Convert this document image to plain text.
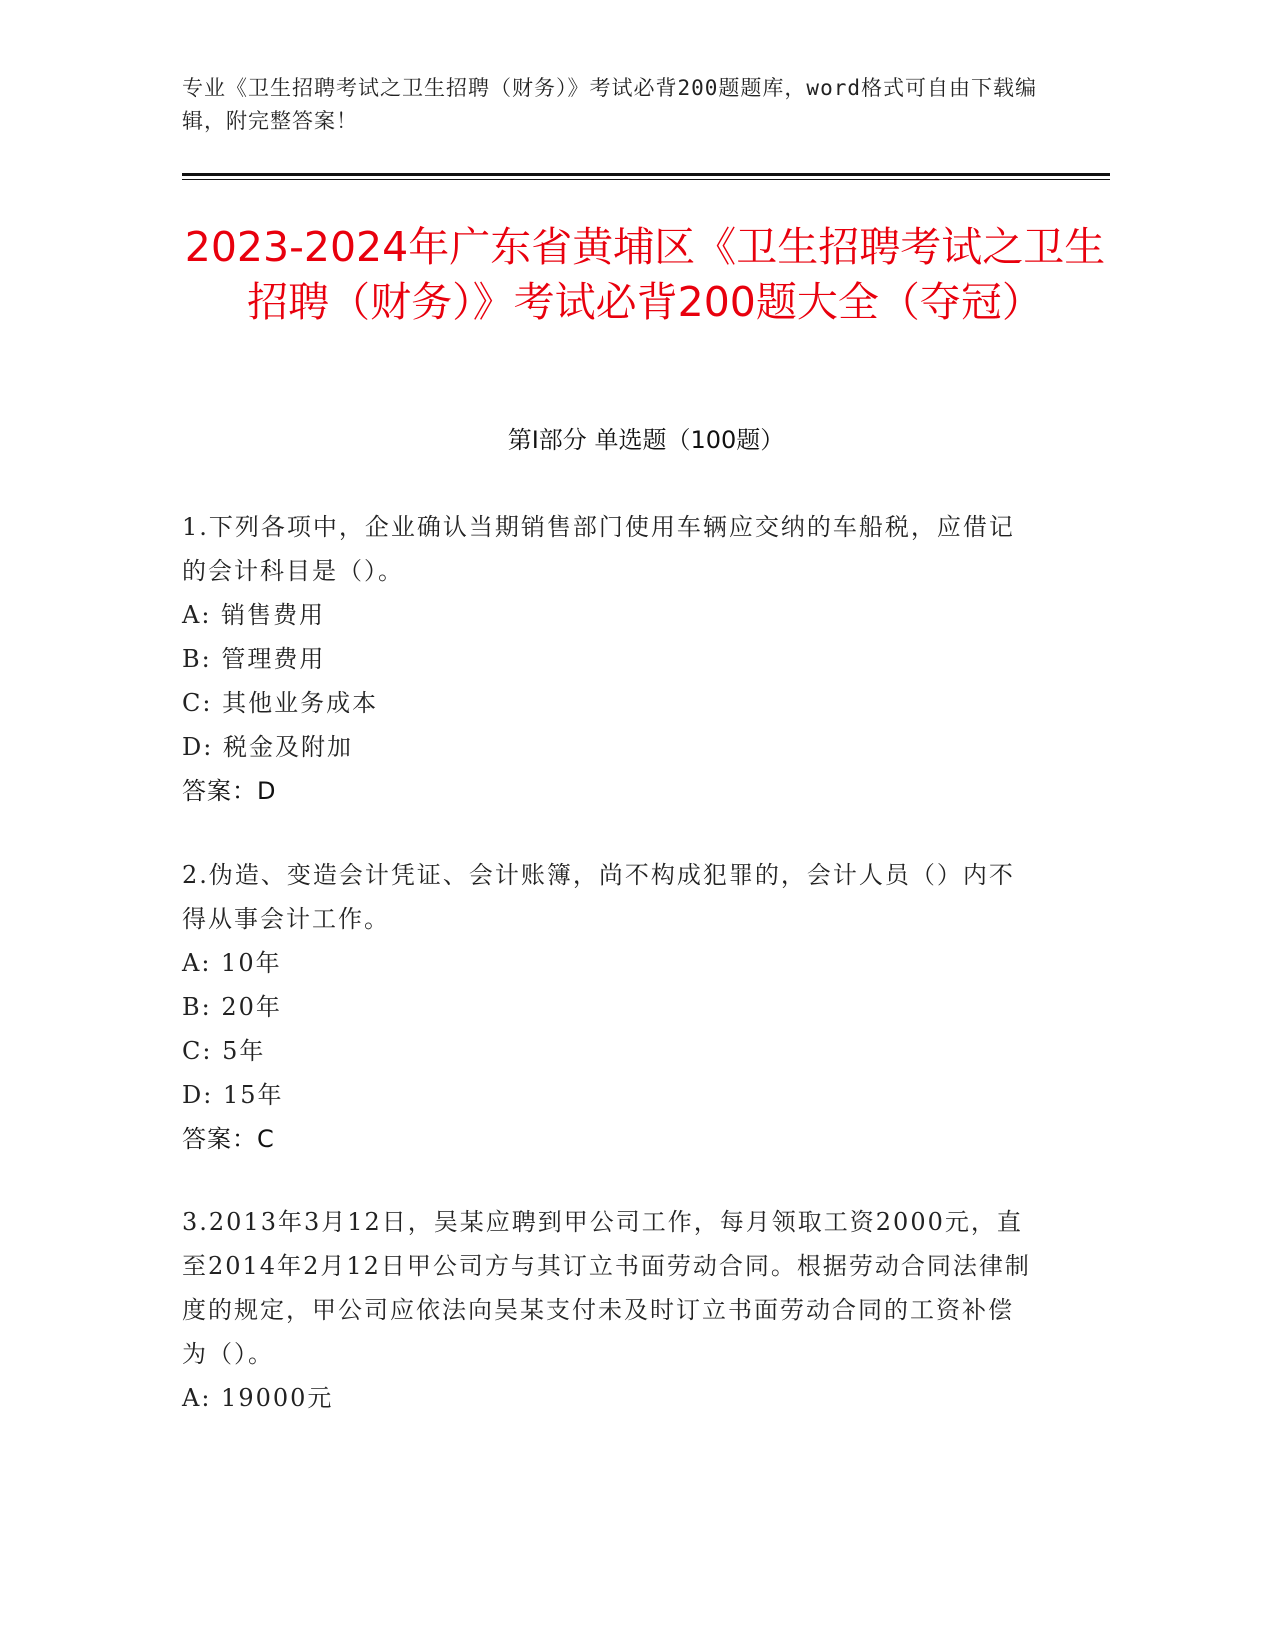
专业《卫生招聘考试之卫生招聘（财务）》考试必背200题题库，word格式可自由下载编辑，附完整答案！
2023-2024年广东省黄埔区《卫生招聘考试之卫生招聘（财务）》考试必背200题大全（夺冠）
第I部分 单选题（100题）
1.下列各项中，企业确认当期销售部门使用车辆应交纳的车船税，应借记的会计科目是（）。
A: 销售费用
B: 管理费用
C: 其他业务成本
D: 税金及附加
答案：D
2.伪造、变造会计凭证、会计账簿，尚不构成犯罪的，会计人员（）内不得从事会计工作。
A: 10年
B: 20年
C: 5年
D: 15年
答案：C
3.2013年3月12日，吴某应聘到甲公司工作，每月领取工资2000元，直至2014年2月12日甲公司方与其订立书面劳动合同。根据劳动合同法律制度的规定，甲公司应依法向吴某支付未及时订立书面劳动合同的工资补偿为（）。
A: 19000元
